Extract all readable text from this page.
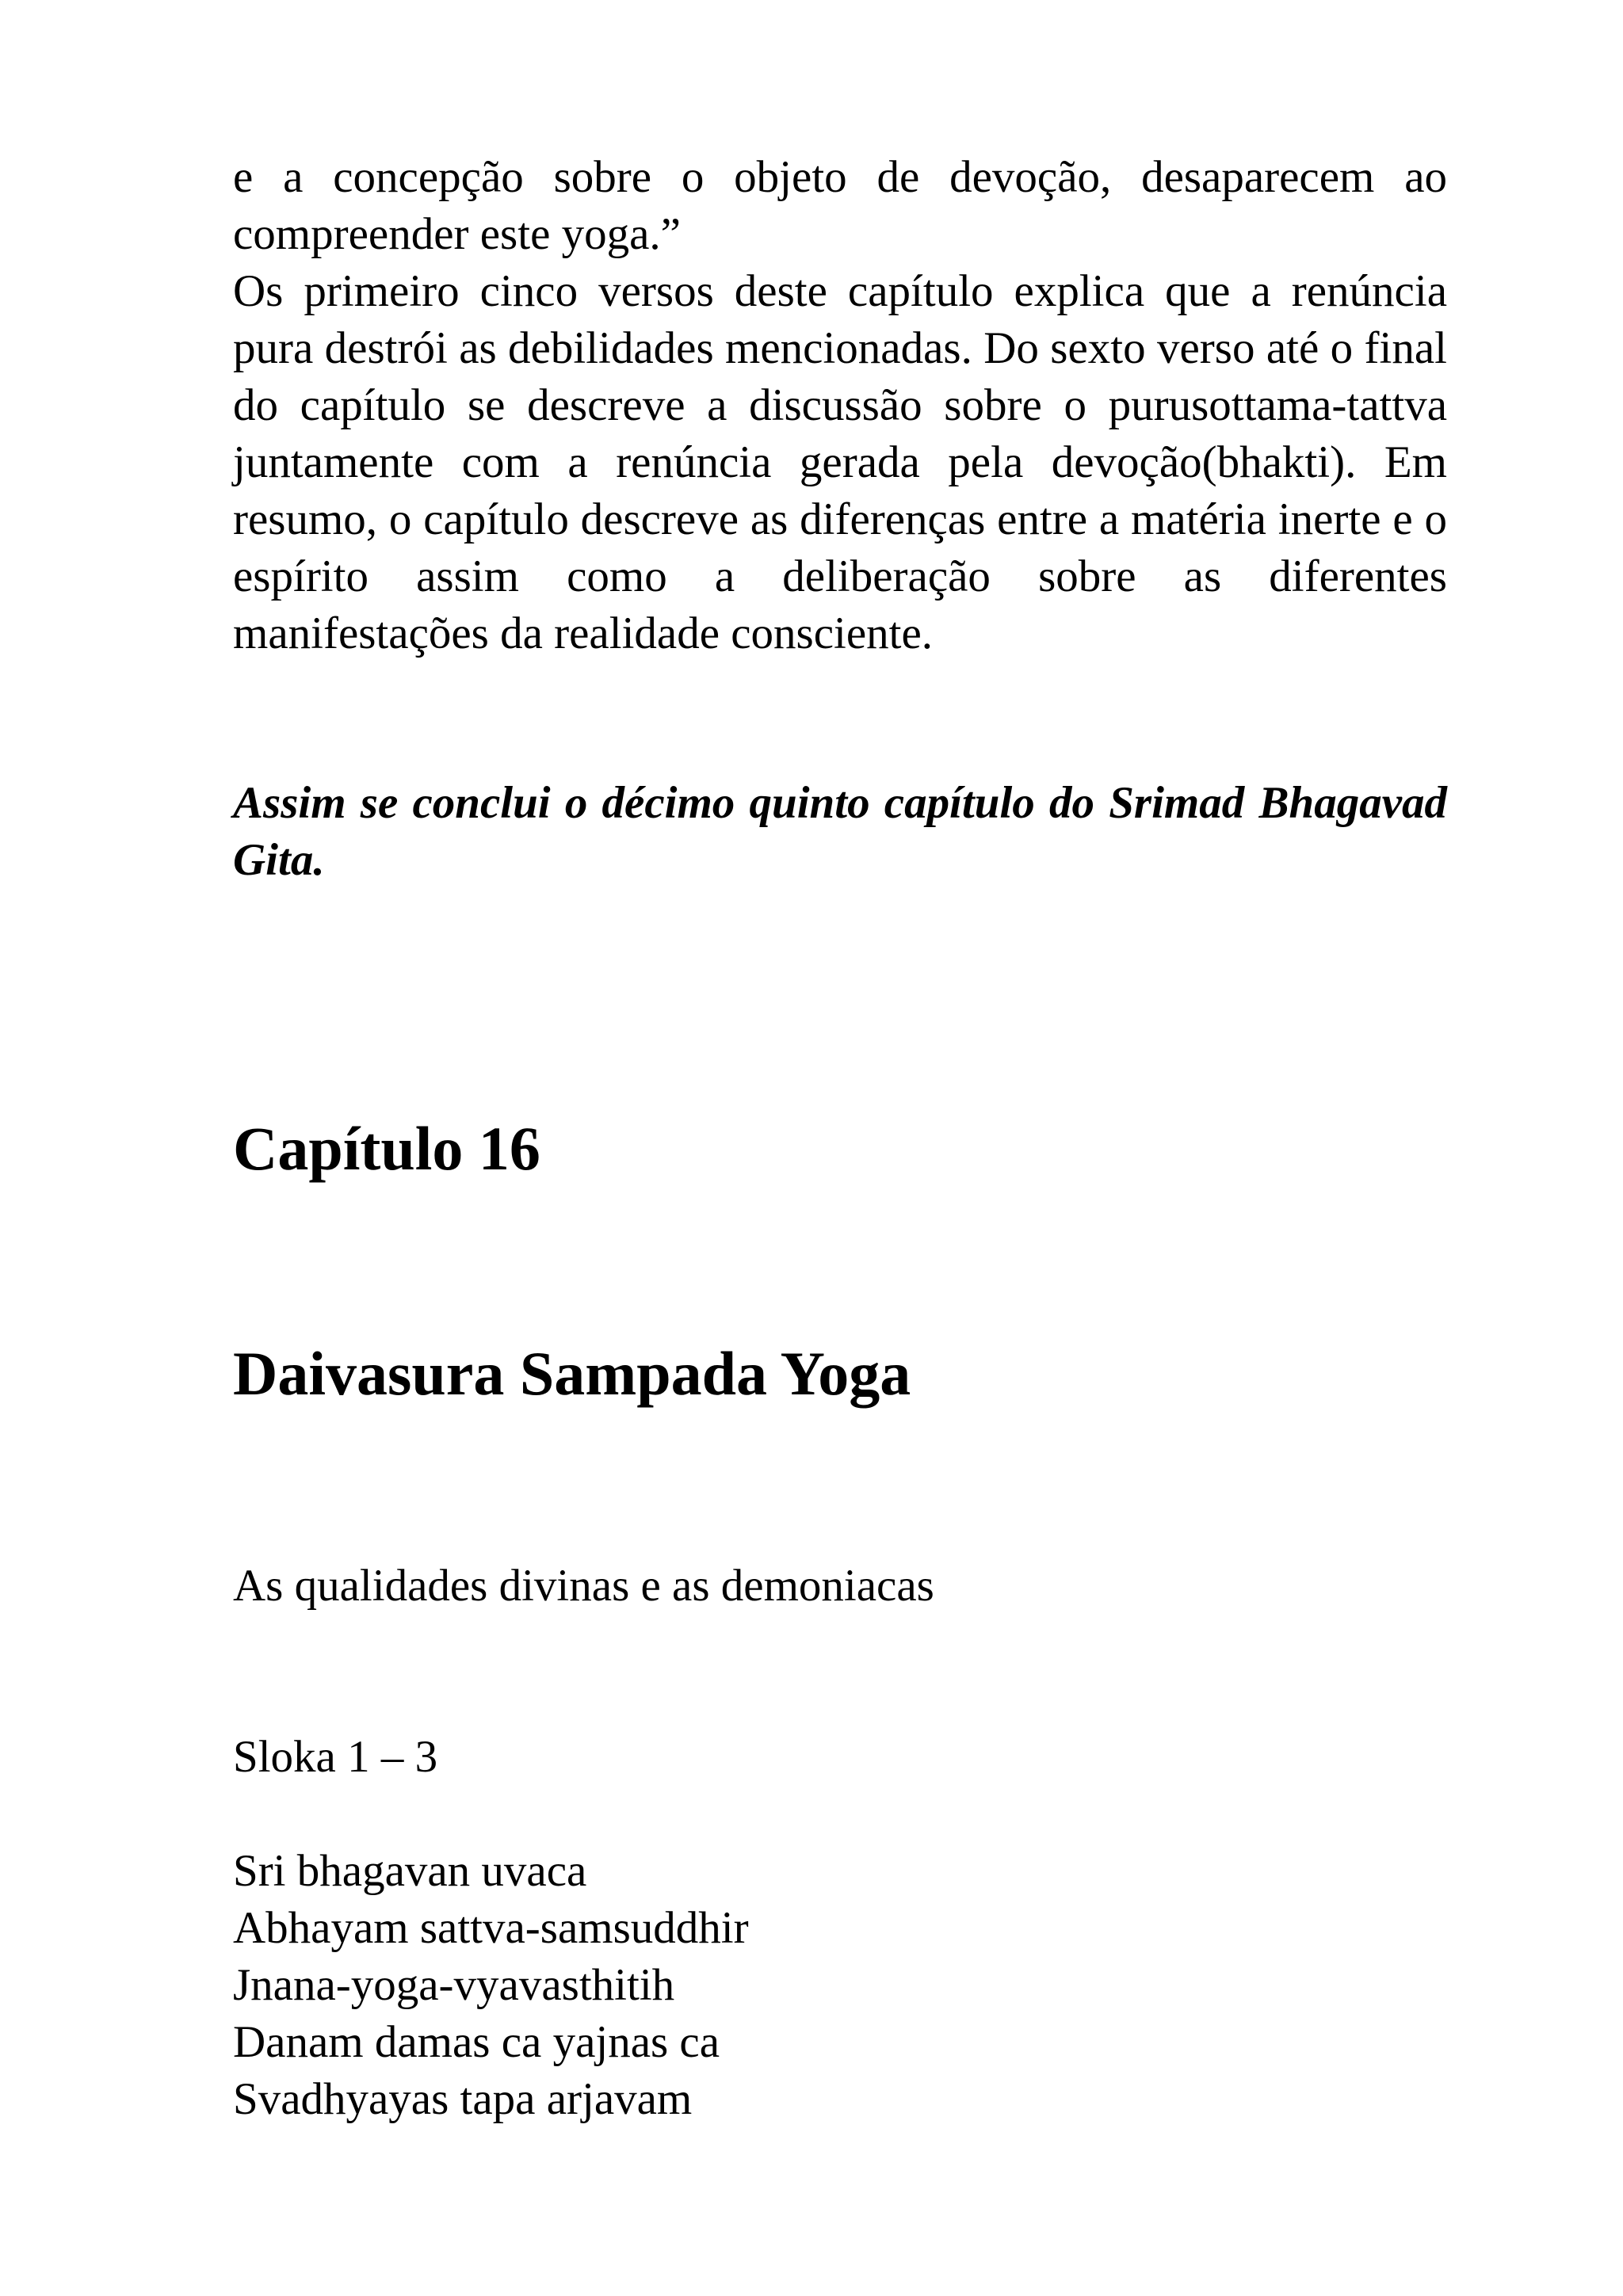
e a concepção sobre o objeto de devoção, desaparecem ao

compreender este yoga.”

Os primeiro cinco versos deste capítulo explica que a renúncia pura destrói as debilidades mencionadas. Do sexto verso até o final do capítulo se descreve a discussão sobre o purusottama-tattva juntamente com a renúncia gerada pela devoção(bhakti). Em resumo, o capítulo descreve as diferenças entre a matéria inerte e o espírito assim como a deliberação sobre as diferentes manifestações da realidade consciente.

Assim se conclui o décimo quinto capítulo do Srimad Bhagavad Gita.

Capítulo 16
Daivasura Sampada Yoga

As qualidades divinas e as demoniacas

Sloka 1 – 3

Sri bhagavan uvaca
Abhayam sattva-samsuddhir
Jnana-yoga-vyavasthitih
Danam damas ca yajnas ca
Svadhyayas tapa arjavam
